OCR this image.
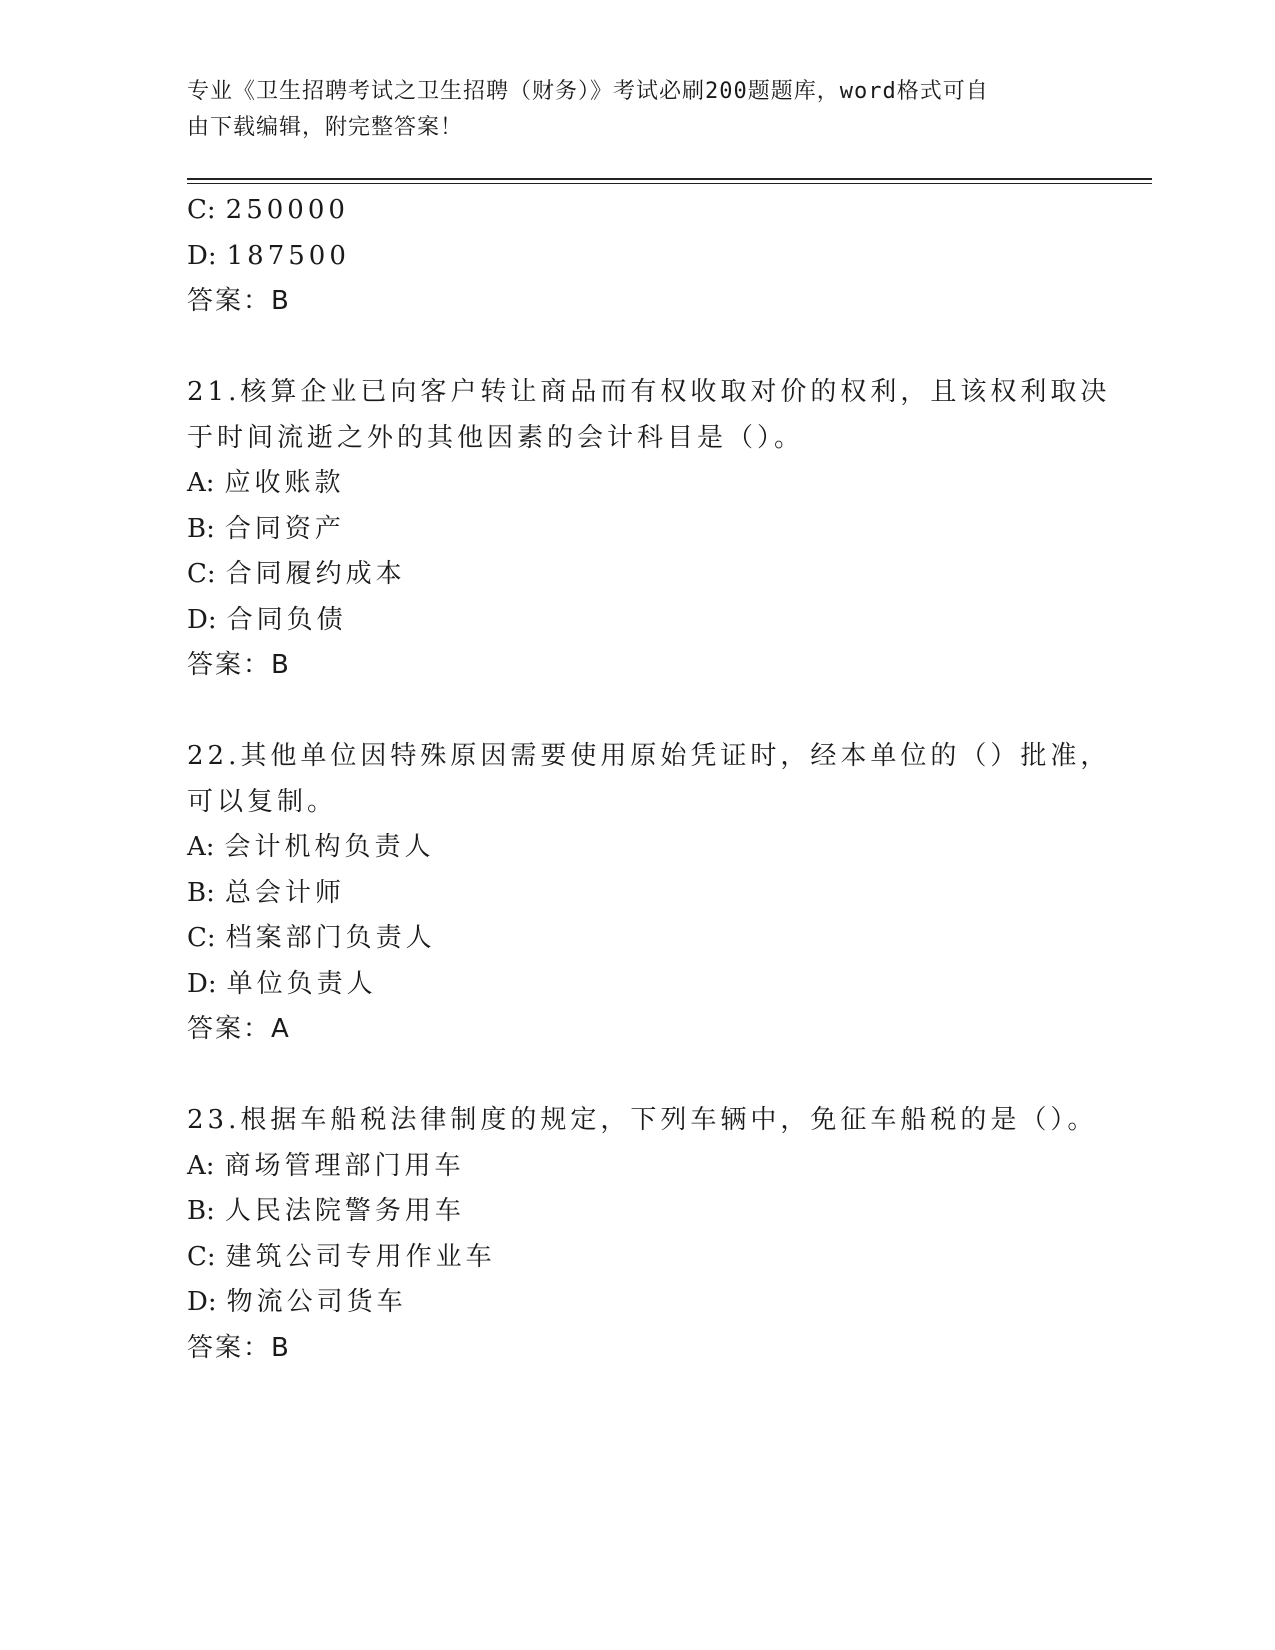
专业《卫生招聘考试之卫生招聘（财务）》考试必刷200题题库，word格式可自
由下载编辑，附完整答案！
C: 250000
D: 187500
答案：B
21.核算企业已向客户转让商品而有权收取对价的权利，且该权利取决
于时间流逝之外的其他因素的会计科目是（）。
A: 应收账款
B: 合同资产
C: 合同履约成本
D: 合同负债
答案：B
22.其他单位因特殊原因需要使用原始凭证时，经本单位的（）批准，
可以复制。
A: 会计机构负责人
B: 总会计师
C: 档案部门负责人
D: 单位负责人
答案：A
23.根据车船税法律制度的规定，下列车辆中，免征车船税的是（）。
A: 商场管理部门用车
B: 人民法院警务用车
C: 建筑公司专用作业车
D: 物流公司货车
答案：B
